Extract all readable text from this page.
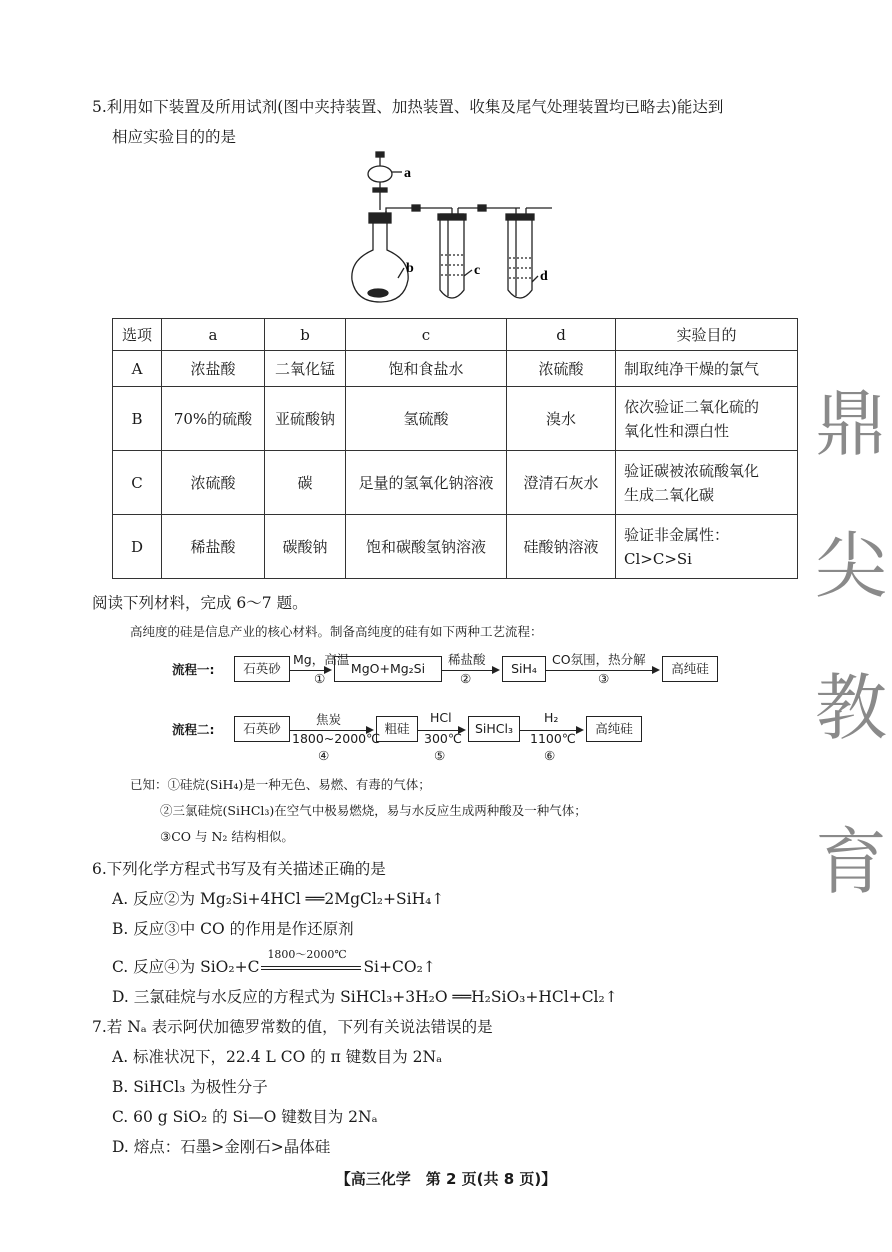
5.利用如下装置及所用试剂(图中夹持装置、加热装置、收集及尾气处理装置均已略去)能达到
相应实验目的的是
a
b	c	d
选项	a	b	c	d	实验目的
A	浓盐酸	二氧化锰	饱和食盐水	浓硫酸	制取纯净干燥的氯气
B	70%的硫酸	亚硫酸钠	氢硫酸	溴水	依次验证二氧化硫的
氧化性和漂白性

C	浓硫酸	碳	足量的氢氧化钠溶液	澄清石灰水	验证碳被浓硫酸氧化
生成二氧化碳

D	稀盐酸	碳酸钠	饱和碳酸氢钠溶液	硅酸钠溶液	验证非金属性：
Cl>C>Si
阅读下列材料，完成 6～7 题。
高纯度的硅是信息产业的核心材料。制备高纯度的硅有如下两种工艺流程：
流程一:	石英砂
Mg，高温
①
MgO+Mg₂Si
稀盐酸
②
SiH₄
CO氛围，热分解
③
高纯硅
流程二:	石英砂
焦炭
1800~2000℃
④
粗硅
HCl
300℃
⑤
SiHCl₃
H₂
1100℃
⑥
高纯硅
已知：①硅烷(SiH₄)是一种无色、易燃、有毒的气体；
②三氯硅烷(SiHCl₃)在空气中极易燃烧，易与水反应生成两种酸及一种气体；
③CO 与 N₂ 结构相似。
6.下列化学方程式书写及有关描述正确的是
A. 反应②为 Mg₂Si+4HCl ══2MgCl₂+SiH₄↑
B. 反应③中 CO 的作用是作还原剂
C. 反应④为 SiO₂+C
1800～2000℃
Si+CO₂↑
D. 三氯硅烷与水反应的方程式为 SiHCl₃+3H₂O ══H₂SiO₃+HCl+Cl₂↑
7.若 Nₐ 表示阿伏加德罗常数的值，下列有关说法错误的是
A. 标准状况下，22.4 L CO 的 π 键数目为 2Nₐ
B. SiHCl₃ 为极性分子
C. 60 g SiO₂ 的 Si—O 键数目为 2Nₐ
D. 熔点：石墨>金刚石>晶体硅
【高三化学　第 2 页(共 8 页)】
鼎
尖
教
育
